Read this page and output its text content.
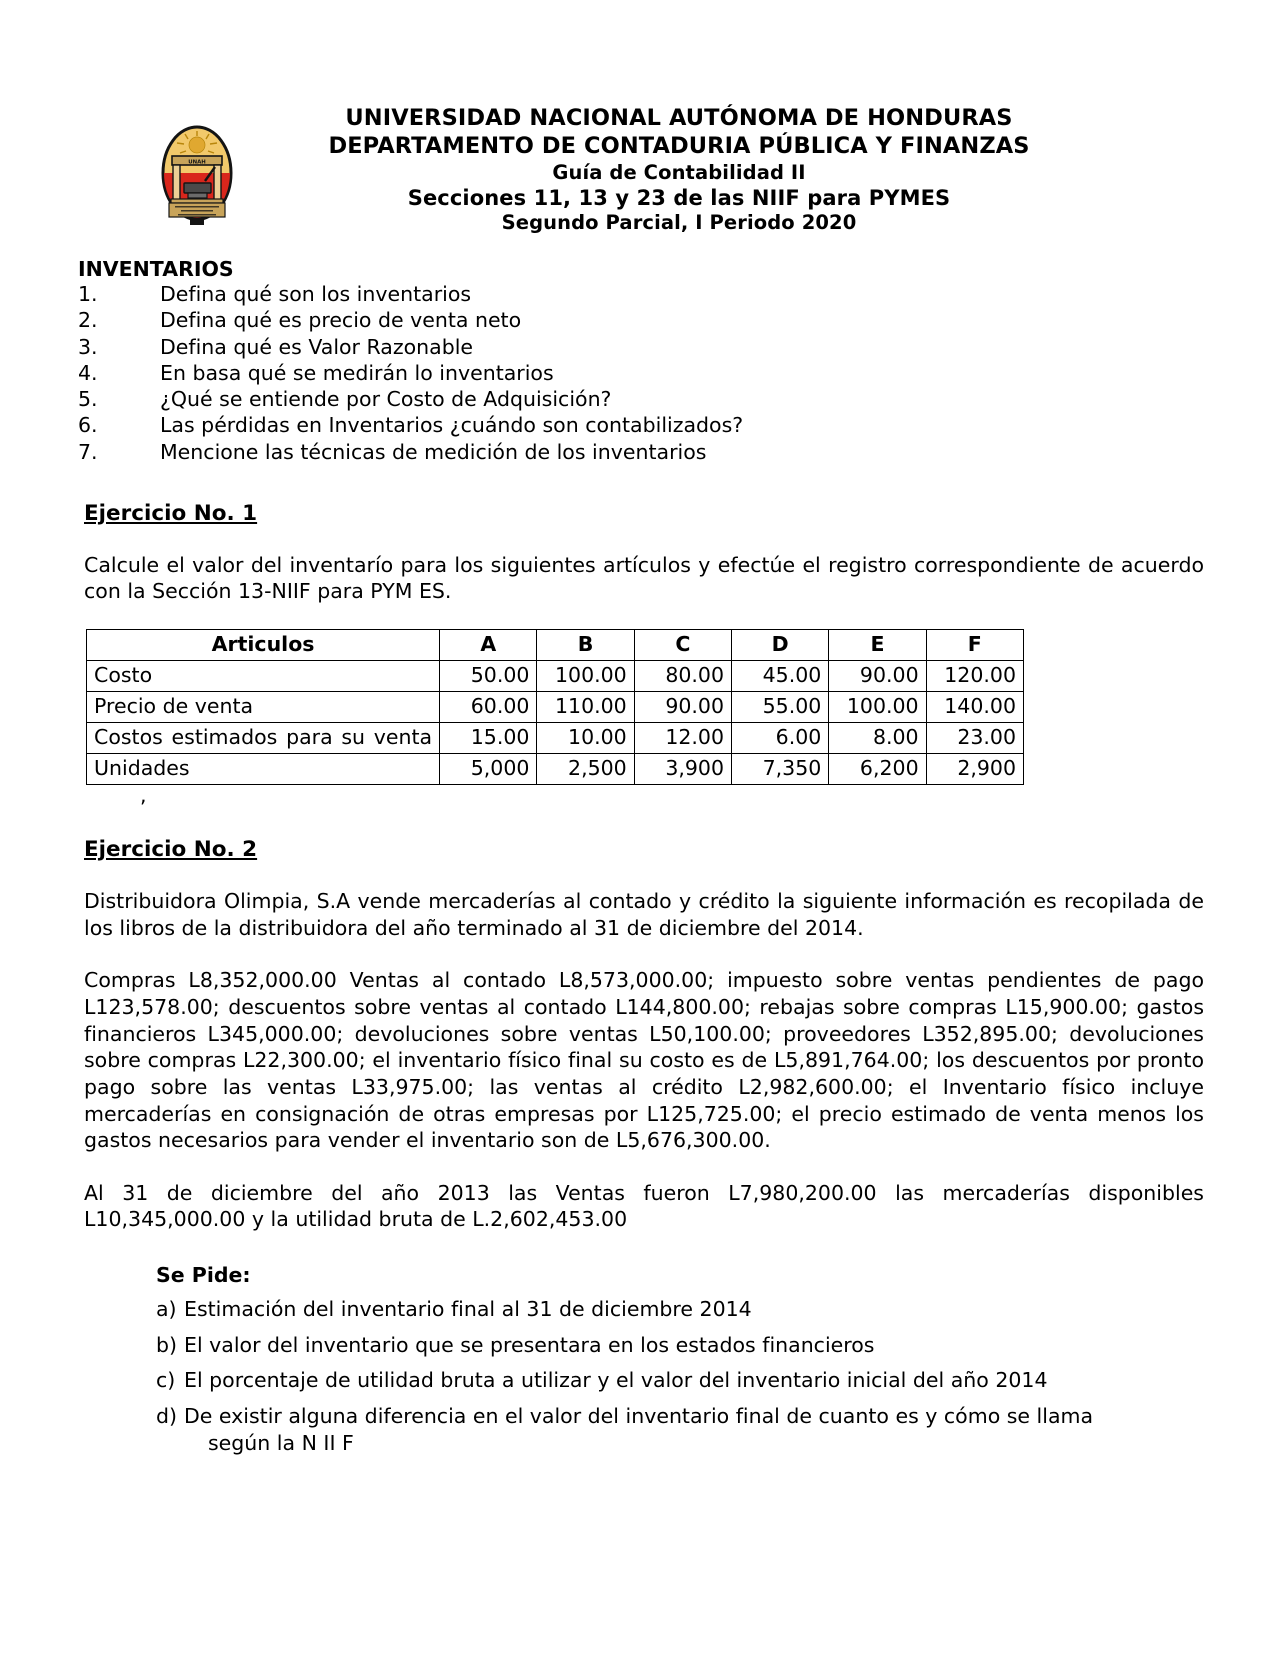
UNAH
UNIVERSIDAD NACIONAL AUTÓNOMA DE HONDURAS
DEPARTAMENTO DE CONTADURIA PÚBLICA Y FINANZAS
Guía de Contabilidad II
Secciones 11, 13 y 23 de las NIIF para PYMES
Segundo Parcial, I Periodo 2020
INVENTARIOS
1.	Defina qué son los inventarios
2.	Defina qué es precio de venta neto
3.	Defina qué es Valor Razonable
4.	En basa qué se medirán lo inventarios
5.	¿Qué se entiende por Costo de Adquisición?
6.	Las pérdidas en Inventarios ¿cuándo son contabilizados?
7.	Mencione las técnicas de medición de los inventarios
Ejercicio No. 1

Calcule el valor del inventarío para los siguientes artículos y efectúe el registro correspondiente de acuerdo con la Sección 13-NIIF para PYM ES.

Articulos	A	B	C	D	E	F
Costo	50.00	100.00	80.00	45.00	90.00	120.00
Precio de venta	60.00	110.00	90.00	55.00	100.00	140.00
Costos estimados para su venta	15.00	10.00	12.00	6.00	8.00	23.00
Unidades	5,000	2,500	3,900	7,350	6,200	2,900
,
Ejercicio No. 2

Distribuidora Olimpia, S.A vende mercaderías al contado y crédito la siguiente información es recopilada de los libros de la distribuidora del año terminado al 31 de diciembre del 2014.

Compras L8,352,000.00 Ventas al contado L8,573,000.00; impuesto sobre ventas pendientes de pago L123,578.00; descuentos sobre ventas al contado L144,800.00; rebajas sobre compras L15,900.00; gastos financieros L345,000.00; devoluciones sobre ventas L50,100.00; proveedores L352,895.00; devoluciones sobre compras L22,300.00; el inventario físico final su costo es de L5,891,764.00; los descuentos por pronto pago sobre las ventas L33,975.00; las ventas al crédito L2,982,600.00; el Inventario físico incluye mercaderías en consignación de otras empresas por L125,725.00; el precio estimado de venta menos los gastos necesarios para vender el inventario son de L5,676,300.00.

Al 31 de diciembre del año 2013 las Ventas fueron L7,980,200.00 las mercaderías disponibles L10,345,000.00 y la utilidad bruta de L.2,602,453.00

Se Pide:
a) Estimación del inventario final al 31 de diciembre 2014
b) El valor del inventario que se presentara en los estados financieros
c) El porcentaje de utilidad bruta a utilizar y el valor del inventario inicial del año 2014
d) De existir alguna diferencia en el valor del inventario final de cuanto es y cómo se llama
según la N II F
